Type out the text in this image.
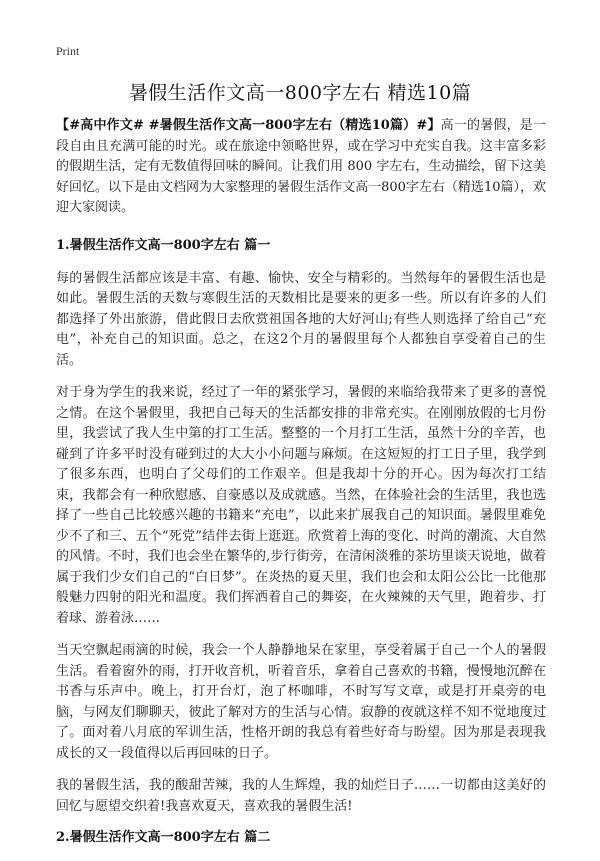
Print
暑假生活作文高一800字左右 精选10篇

【#高中作文# #暑假生活作文高一800字左右（精选10篇）#】高一的暑假，是一段自由且充满可能的时光。或在旅途中领略世界，或在学习中充实自我。这丰富多彩的假期生活，定有无数值得回味的瞬间。让我们用 800 字左右，生动描绘，留下这美好回忆。以下是由文档网为大家整理的暑假生活作文高一800字左右（精选10篇），欢迎大家阅读。

1.暑假生活作文高一800字左右 篇一

每的暑假生活都应该是丰富、有趣、愉快、安全与精彩的。当然每年的暑假生活也是如此。暑假生活的天数与寒假生活的天数相比是要来的更多一些。所以有许多的人们都选择了外出旅游，借此假日去欣赏祖国各地的大好河山;有些人则选择了给自己“充电”，补充自己的知识面。总之，在这2个月的暑假里每个人都独自享受着自己的生活。

对于身为学生的我来说，经过了一年的紧张学习，暑假的来临给我带来了更多的喜悦之情。在这个暑假里，我把自己每天的生活都安排的非常充实。在刚刚放假的七月份里，我尝试了我人生中第的打工生活。整整的一个月打工生活，虽然十分的辛苦，也碰到了许多平时没有碰到过的大大小小问题与麻烦。在这短短的打工日子里，我学到了很多东西，也明白了父母们的工作艰辛。但是我却十分的开心。因为每次打工结束，我都会有一种欣慰感、自豪感以及成就感。当然，在体验社会的生活里，我也选择了一些自己比较感兴趣的书籍来“充电”，以此来扩展我自己的知识面。暑假里难免少不了和三、五个“死党”结伴去街上逛逛。欣赏着上海的变化、时尚的潮流、大自然的风情。不时，我们也会坐在繁华的,步行街旁，在清闲淡雅的茶坊里谈天说地，做着属于我们少女们自己的“白日梦”。在炎热的夏天里，我们也会和太阳公公比一比他那般魅力四射的阳光和温度。我们挥洒着自己的舞姿，在火辣辣的天气里，跑着步、打着球、游着泳……

当天空飘起雨滴的时候，我会一个人静静地呆在家里，享受着属于自己一个人的暑假生活。看着窗外的雨，打开收音机，听着音乐，拿着自己喜欢的书籍，慢慢地沉醉在书香与乐声中。晚上，打开台灯，泡了杯咖啡，不时写写文章，或是打开桌旁的电脑，与网友们聊聊天，彼此了解对方的生活与心情。寂静的夜就这样不知不觉地度过了。面对着八月底的军训生活，性格开朗的我总有着些好奇与盼望。因为那是表现我成长的又一段值得以后再回味的日子。

我的暑假生活，我的酸甜苦辣，我的人生辉煌，我的灿烂日子……一切都由这美好的回忆与愿望交织着!我喜欢夏天，喜欢我的暑假生活!

2.暑假生活作文高一800字左右 篇二
